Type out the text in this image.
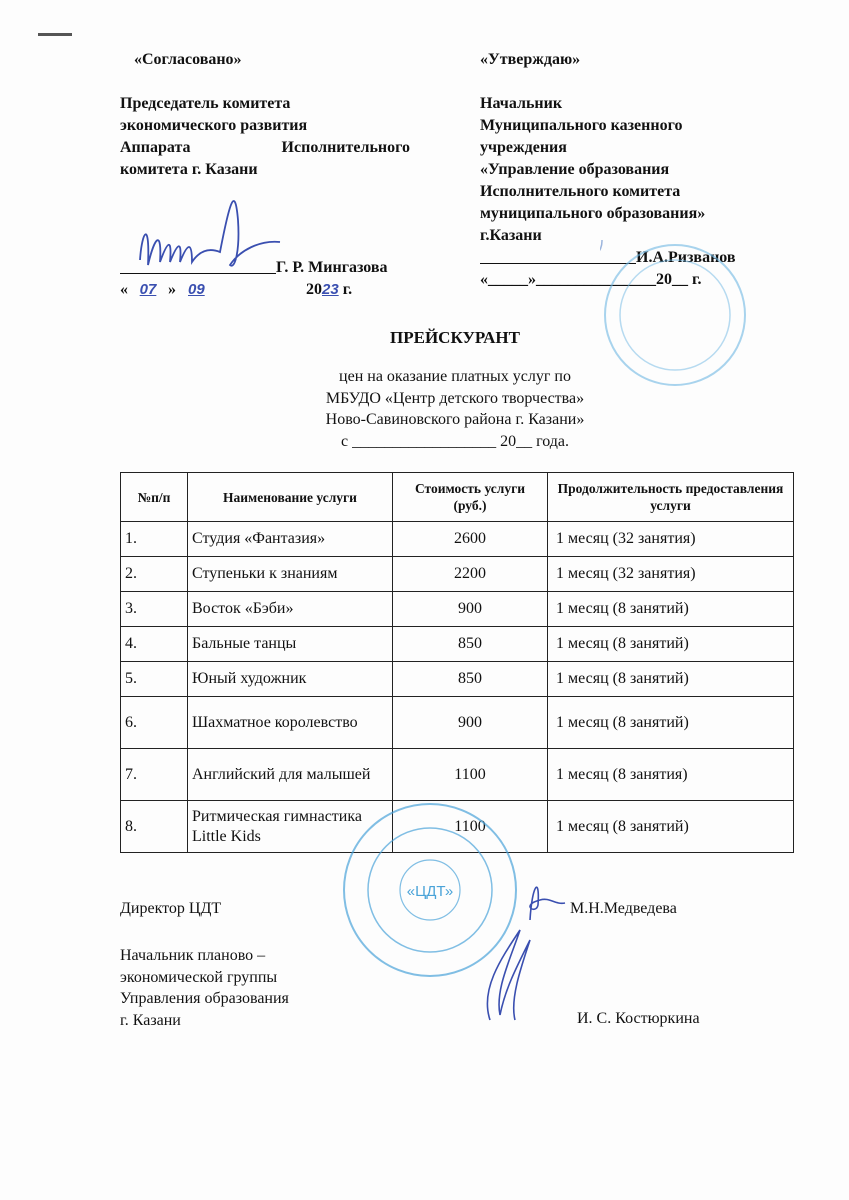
«Согласовано»
Председатель комитета
экономического развития
Аппарата	Исполнительного
комитета г. Казани
Г. Р. Мингазова
« 07 » 09	2023 г.
«Утверждаю»
Начальник
Муниципального казенного
учреждения
«Управление образования
Исполнительного комитета
муниципального образования»
г.Казани
И.А.Ризванов
«_____»_______________20__ г.
ПРЕЙСКУРАНТ
цен на оказание платных услуг по
МБУДО «Центр детского творчества»
Ново-Савиновского района г. Казани»
с __________________ 20__ года.
№п/п	Наименование услуги	Стоимость услуги (руб.)	Продолжительность предоставления услуги
1.	Студия «Фантазия»	2600	1 месяц (32 занятия)
2.	Ступеньки к знаниям	2200	1 месяц (32 занятия)
3.	Восток «Бэби»	900	1 месяц (8 занятий)
4.	Бальные танцы	850	1 месяц (8 занятий)
5.	Юный художник	850	1 месяц (8 занятий)
6.	Шахматное королевство	900	1 месяц (8 занятий)
7.	Английский для малышей	1100	1 месяц (8 занятия)
8.	Ритмическая гимнастика Little Kids	1100	1 месяц (8 занятий)
«ЦДТ»
Директор ЦДТ	М.Н.Медведева
Начальник планово –
экономической группы
Управления образования
г. Казани	И. С. Костюркина
